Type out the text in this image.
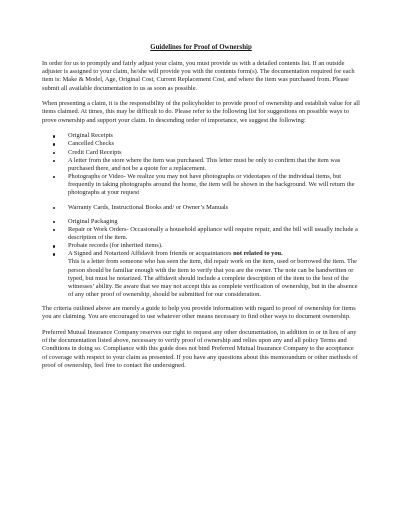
Guidelines for Proof of Ownership

In order for us to promptly and fairly adjust your claim, you must provide us with a detailed contents list. If an outside adjuster is assigned to your claim, he/she will provide you with the contents form(s). The documentation required for each item is: Make & Model, Age, Original Cost, Current Replacement Cost, and where the item was purchased from. Please submit all available documentation to us as soon as possible.

When presenting a claim, it is the responsibility of the policyholder to provide proof of ownership and establish value for all items claimed. At times, this may be difficult to do. Please refer to the following list for suggestions on possible ways to prove ownership and support your claim. In descending order of importance, we suggest the following:

Original Receipts
Cancelled Checks
Credit Card Receipts
A letter from the store where the item was purchased. This letter must be only to confirm that the item was purchased there, and not be a quote for a replacement.
Photographs or Video- We realize you may not have photographs or videotapes of the individual items, but frequently in taking photographs around the home, the item will be shown in the background. We will return the photographs at your request
Warranty Cards, Instructional Books and/ or Owner’s Manuals
Original Packaging
Repair or Work Orders- Occasionally a household appliance will require repair, and the bill will usually include a description of the item.
Probate records (for inherited items).
A Signed and Notarized Affidavit from friends or acquaintances not related to you.
This is a letter from someone who has seen the item, did repair work on the item, used or borrowed the item. The person should be familiar enough with the item to verify that you are the owner. The note can be handwritten or typed, but must be notarized. The affidavit should include a complete description of the item to the best of the witnesses’ ability. Be aware that we may not accept this as complete verification of ownership, but in the absence of any other proof of ownership, should be submitted for our consideration.

The criteria outlined above are merely a guide to help you provide information with regard to proof of ownership for items you are claiming. You are encouraged to use whatever other means necessary to find other ways to document ownership.

Preferred Mutual Insurance Company reserves our right to request any other documentation, in addition to or in lieu of any of the documentation listed above, necessary to verify proof of ownership and relies upon any and all policy Terms and Conditions in doing so. Compliance with this guide does not bind Preferred Mutual Insurance Company to the acceptance of coverage with respect to your claim as presented. If you have any questions about this memorandum or other methods of proof of ownership, feel free to contact the undersigned.
